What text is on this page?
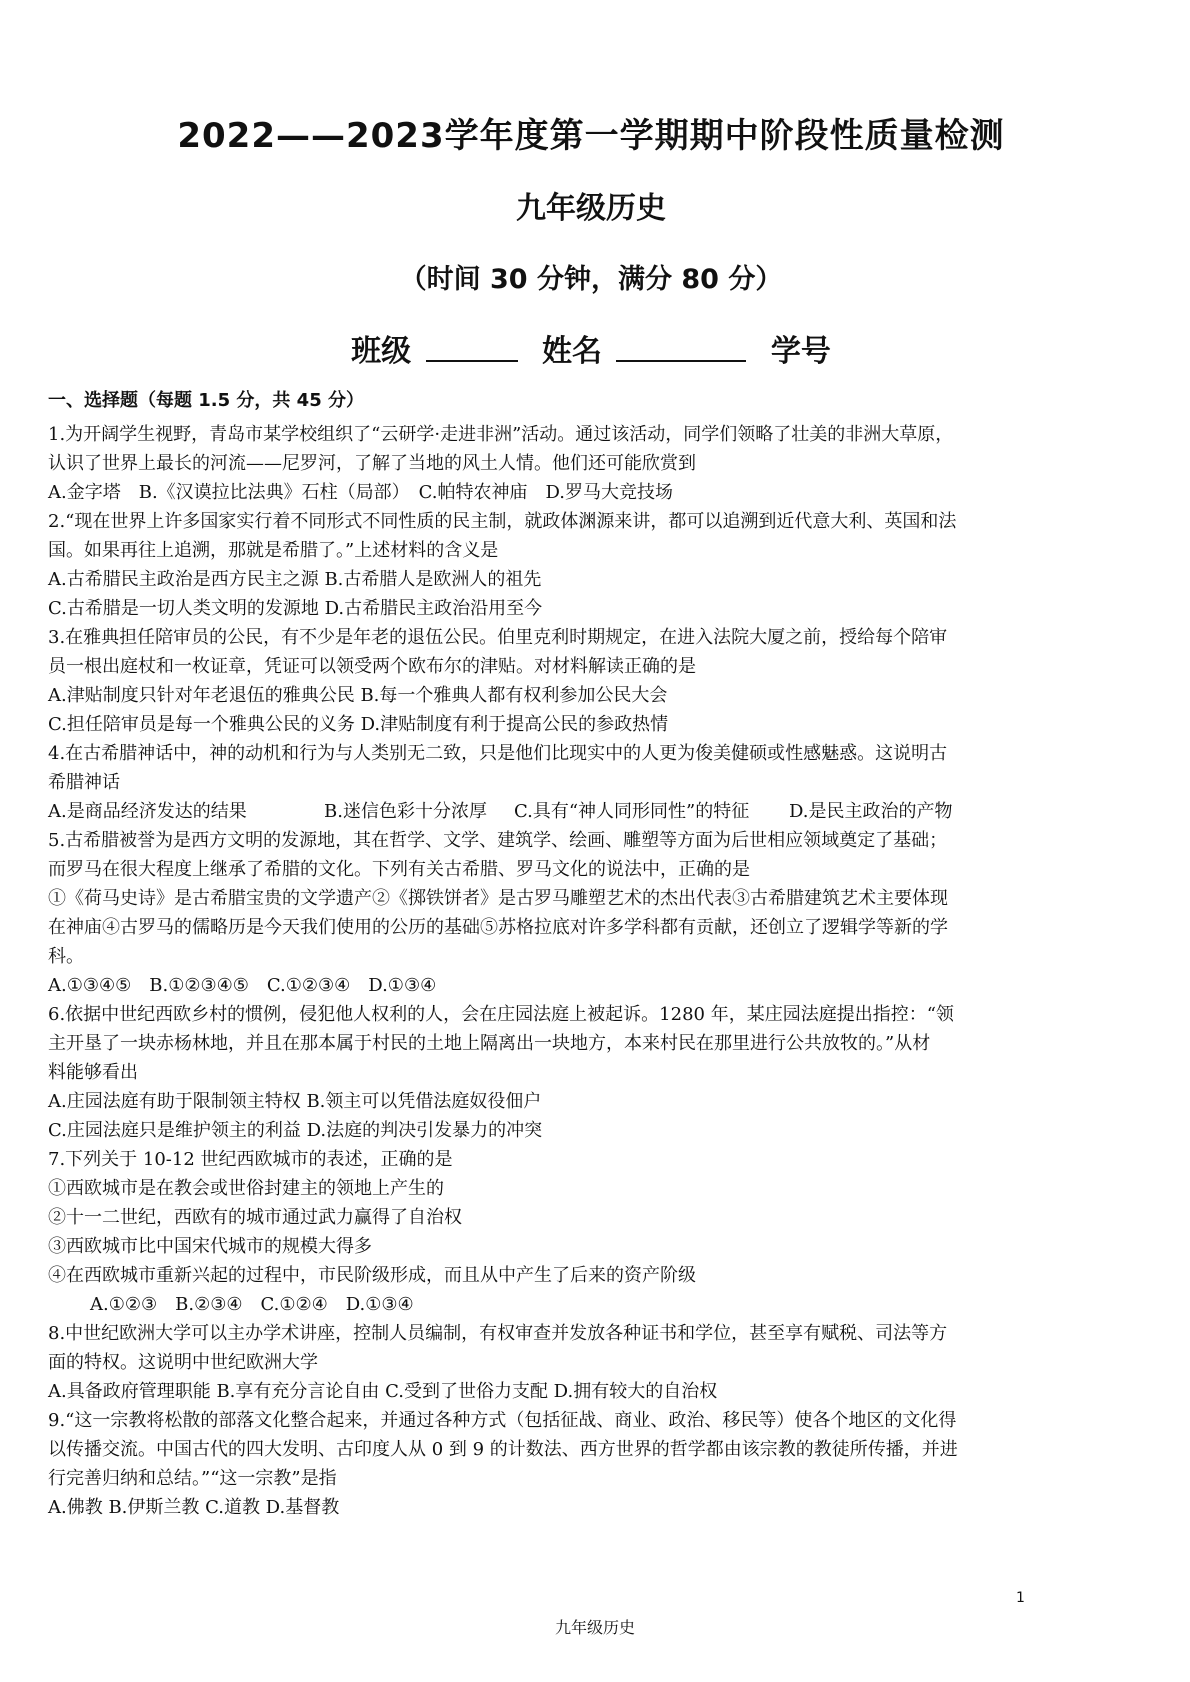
2022——2023学年度第一学期期中阶段性质量检测
九年级历史
（时间 30 分钟，满分 80 分）
班级	姓名	学号
一、选择题（每题 1.5 分，共 45 分）
1.为开阔学生视野，青岛市某学校组织了“云研学·走进非洲”活动。通过该活动，同学们领略了壮美的非洲大草原，
认识了世界上最长的河流——尼罗河，了解了当地的风土人情。他们还可能欣赏到
A.金字塔　B.《汉谟拉比法典》石柱（局部）　C.帕特农神庙　D.罗马大竞技场
2.“现在世界上许多国家实行着不同形式不同性质的民主制，就政体渊源来讲，都可以追溯到近代意大利、英国和法
国。如果再往上追溯，那就是希腊了。”上述材料的含义是
A.古希腊民主政治是西方民主之源 B.古希腊人是欧洲人的祖先
C.古希腊是一切人类文明的发源地 D.古希腊民主政治沿用至今
3.在雅典担任陪审员的公民，有不少是年老的退伍公民。伯里克利时期规定，在进入法院大厦之前，授给每个陪审
员一根出庭杖和一枚证章，凭证可以领受两个欧布尔的津贴。对材料解读正确的是
A.津贴制度只针对年老退伍的雅典公民 B.每一个雅典人都有权利参加公民大会
C.担任陪审员是每一个雅典公民的义务 D.津贴制度有利于提高公民的参政热情
4.在古希腊神话中，神的动机和行为与人类别无二致，只是他们比现实中的人更为俊美健硕或性感魅惑。这说明古
希腊神话
A.是商品经济发达的结果	B.迷信色彩十分浓厚 C.具有“神人同形同性”的特征 D.是民主政治的产物
5.古希腊被誉为是西方文明的发源地，其在哲学、文学、建筑学、绘画、雕塑等方面为后世相应领域奠定了基础；
而罗马在很大程度上继承了希腊的文化。下列有关古希腊、罗马文化的说法中，正确的是
①《荷马史诗》是古希腊宝贵的文学遗产②《掷铁饼者》是古罗马雕塑艺术的杰出代表③古希腊建筑艺术主要体现
在神庙④古罗马的儒略历是今天我们使用的公历的基础⑤苏格拉底对许多学科都有贡献，还创立了逻辑学等新的学
科。
A.①③④⑤　B.①②③④⑤　C.①②③④　D.①③④
6.依据中世纪西欧乡村的惯例，侵犯他人权利的人，会在庄园法庭上被起诉。1280 年，某庄园法庭提出指控：“领
主开垦了一块赤杨林地，并且在那本属于村民的土地上隔离出一块地方，本来村民在那里进行公共放牧的。”从材
料能够看出
A.庄园法庭有助于限制领主特权 B.领主可以凭借法庭奴役佃户
C.庄园法庭只是维护领主的利益 D.法庭的判决引发暴力的冲突
7.下列关于 10-12 世纪西欧城市的表述，正确的是
①西欧城市是在教会或世俗封建主的领地上产生的
②十一二世纪，西欧有的城市通过武力赢得了自治权
③西欧城市比中国宋代城市的规模大得多
④在西欧城市重新兴起的过程中，市民阶级形成，而且从中产生了后来的资产阶级
A.①②③　B.②③④　C.①②④　D.①③④
8.中世纪欧洲大学可以主办学术讲座，控制人员编制，有权审查并发放各种证书和学位，甚至享有赋税、司法等方
面的特权。这说明中世纪欧洲大学
A.具备政府管理职能 B.享有充分言论自由 C.受到了世俗力支配 D.拥有较大的自治权
9.“这一宗教将松散的部落文化整合起来，并通过各种方式（包括征战、商业、政治、移民等）使各个地区的文化得
以传播交流。中国古代的四大发明、古印度人从 0 到 9 的计数法、西方世界的哲学都由该宗教的教徒所传播，并进
行完善归纳和总结。”“这一宗教”是指
A.佛教 B.伊斯兰教 C.道教 D.基督教
1
九年级历史
